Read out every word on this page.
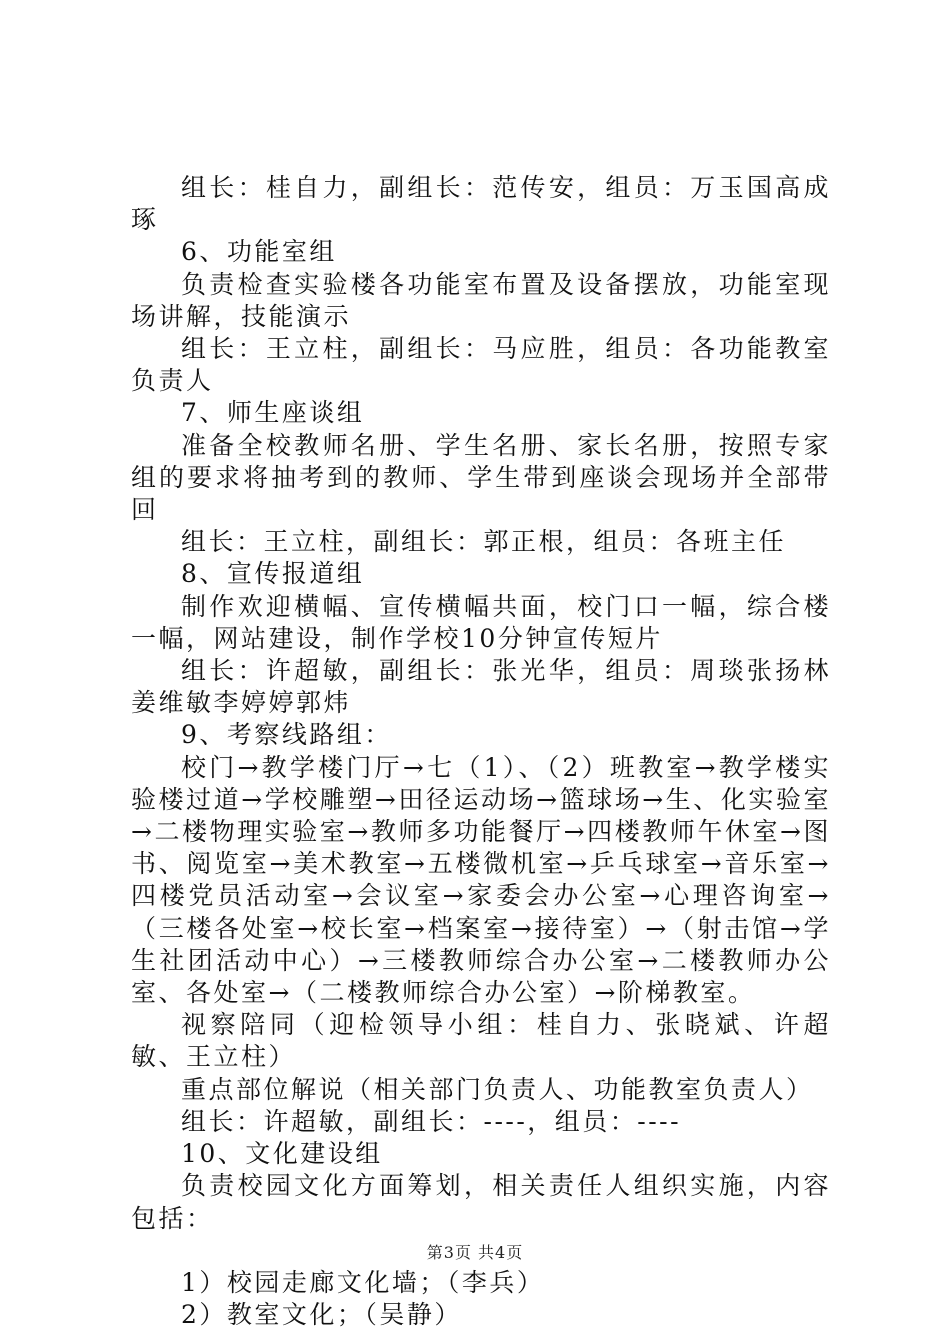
组长：桂自力，副组长：范传安，组员：万玉国高成琢

6、功能室组

负责检查实验楼各功能室布置及设备摆放，功能室现场讲解，技能演示

组长：王立柱，副组长：马应胜，组员：各功能教室负责人

7、师生座谈组

准备全校教师名册、学生名册、家长名册，按照专家组的要求将抽考到的教师、学生带到座谈会现场并全部带回

组长：王立柱，副组长：郭正根，组员：各班主任

8、宣传报道组

制作欢迎横幅、宣传横幅共面，校门口一幅，综合楼一幅，网站建设，制作学校10分钟宣传短片

组长：许超敏，副组长：张光华，组员：周琰张扬林姜维敏李婷婷郭炜

9、考察线路组：

校门→教学楼门厅→七（1）、（2）班教室→教学楼实验楼过道→学校雕塑→田径运动场→篮球场→生、化实验室→二楼物理实验室→教师多功能餐厅→四楼教师午休室→图书、阅览室→美术教室→五楼微机室→乒乓球室→音乐室→四楼党员活动室→会议室→家委会办公室→心理咨询室→（三楼各处室→校长室→档案室→接待室）→（射击馆→学生社团活动中心）→三楼教师综合办公室→二楼教师办公室、各处室→（二楼教师综合办公室）→阶梯教室。

视察陪同（迎检领导小组：桂自力、张晓斌、许超敏、王立柱）

重点部位解说（相关部门负责人、功能教室负责人）

组长：许超敏，副组长：----，组员：----

10、文化建设组

负责校园文化方面筹划，相关责任人组织实施，内容包括：

1）校园走廊文化墙；（李兵）

2）教室文化；（吴静）

第3页 共4页
